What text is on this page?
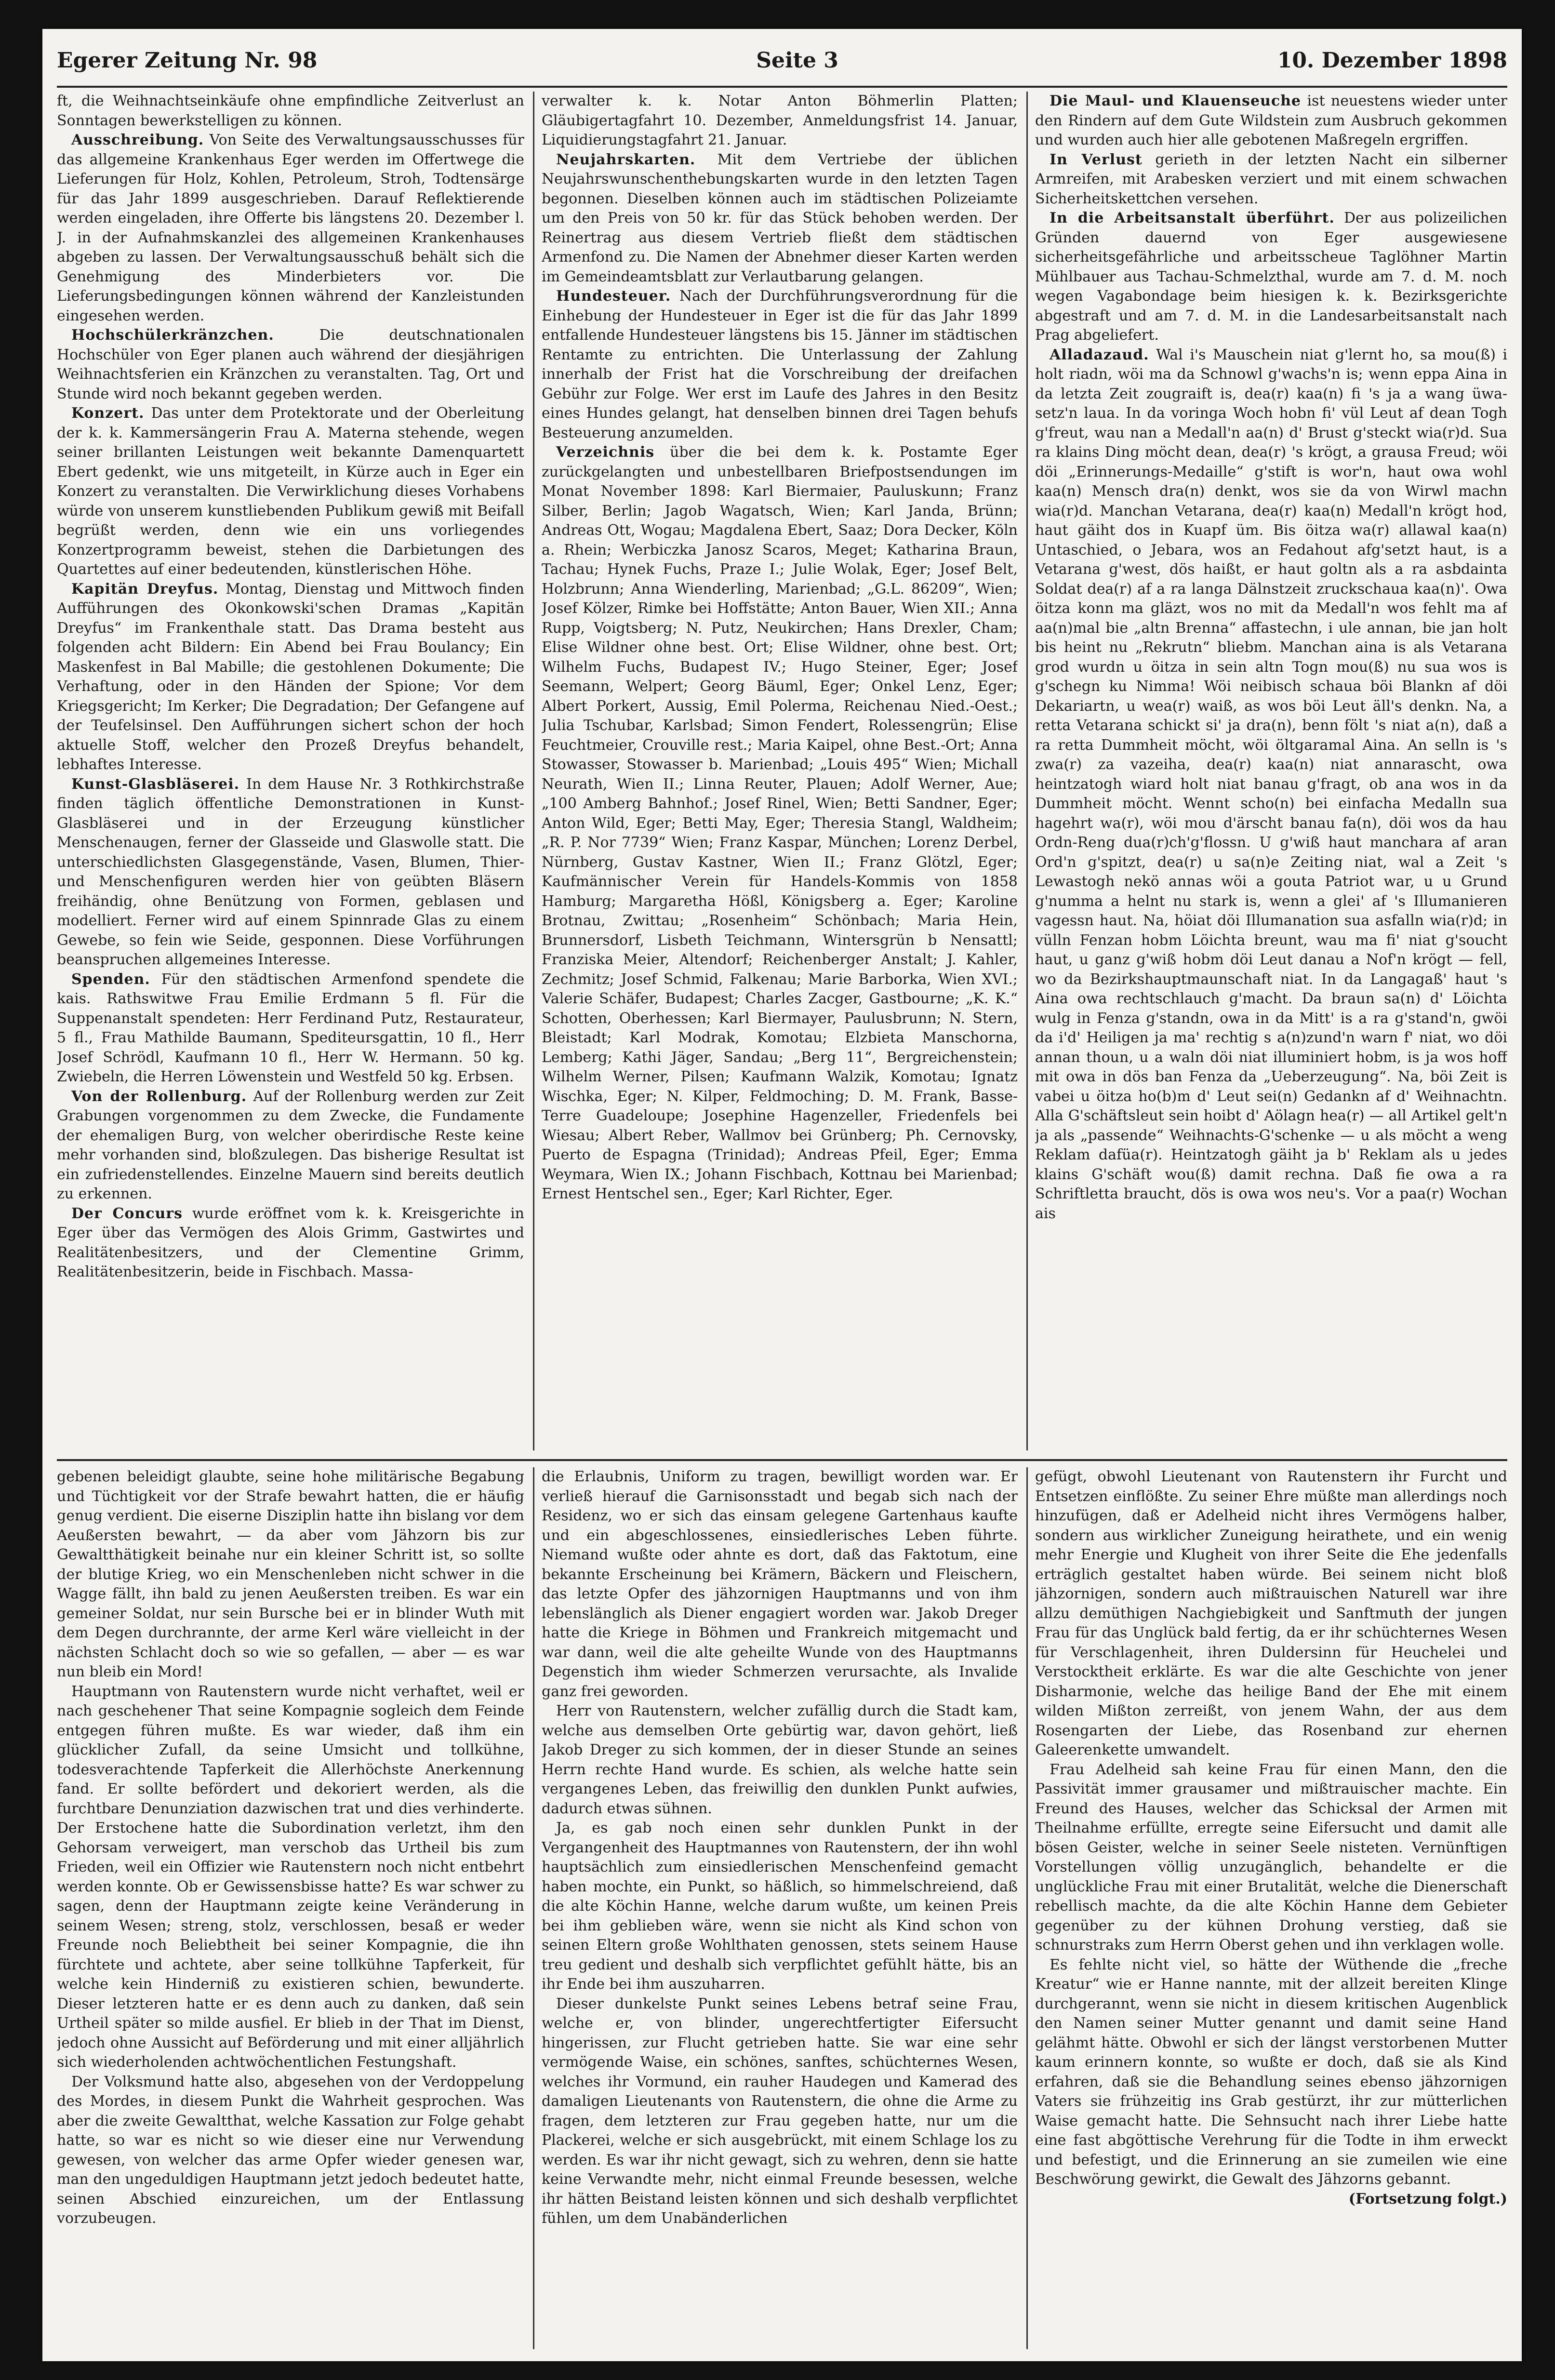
Egerer Zeitung Nr. 98	Seite 3	10. Dezember 1898

ft, die Weihnachtseinkäufe ohne empfindliche Zeitverlust an Sonntagen bewerkstelligen zu können.

Ausschreibung. Von Seite des Verwaltungsausschusses für das allgemeine Krankenhaus Eger werden im Offertwege die Lieferungen für Holz, Kohlen, Petroleum, Stroh, Todtensärge für das Jahr 1899 ausgeschrieben. Darauf Reflektierende werden eingeladen, ihre Offerte bis längstens 20. Dezember l. J. in der Aufnahmskanzlei des allgemeinen Krankenhauses abgeben zu lassen. Der Verwaltungsausschuß behält sich die Genehmigung des Minderbieters vor. Die Lieferungsbedingungen können während der Kanzleistunden eingesehen werden.

Hochschülerkränzchen. Die deutschnationalen Hochschüler von Eger planen auch während der diesjährigen Weihnachtsferien ein Kränzchen zu veranstalten. Tag, Ort und Stunde wird noch bekannt gegeben werden.

Konzert. Das unter dem Protektorate und der Oberleitung der k. k. Kammersängerin Frau A. Materna stehende, wegen seiner brillanten Leistungen weit bekannte Damenquartett Ebert gedenkt, wie uns mitgeteilt, in Kürze auch in Eger ein Konzert zu veranstalten. Die Verwirklichung dieses Vorhabens würde von unserem kunstliebenden Publikum gewiß mit Beifall begrüßt werden, denn wie ein uns vorliegendes Konzertprogramm beweist, stehen die Darbietungen des Quartettes auf einer bedeutenden, künstlerischen Höhe.

Kapitän Dreyfus. Montag, Dienstag und Mittwoch finden Aufführungen des Okonkowski'schen Dramas „Kapitän Dreyfus“ im Frankenthale statt. Das Drama besteht aus folgenden acht Bildern: Ein Abend bei Frau Boulancy; Ein Maskenfest in Bal Mabille; die gestohlenen Dokumente; Die Verhaftung, oder in den Händen der Spione; Vor dem Kriegsgericht; Im Kerker; Die Degradation; Der Gefangene auf der Teufelsinsel. Den Aufführungen sichert schon der hoch aktuelle Stoff, welcher den Prozeß Dreyfus behandelt, lebhaftes Interesse.

Kunst-Glasbläserei. In dem Hause Nr. 3 Rothkirchstraße finden täglich öffentliche Demonstrationen in Kunst-Glasbläserei und in der Erzeugung künstlicher Menschenaugen, ferner der Glasseide und Glaswolle statt. Die unterschiedlichsten Glasgegenstände, Vasen, Blumen, Thier- und Menschenfiguren werden hier von geübten Bläsern freihändig, ohne Benützung von Formen, geblasen und modelliert. Ferner wird auf einem Spinnrade Glas zu einem Gewebe, so fein wie Seide, gesponnen. Diese Vorführungen beanspruchen allgemeines Interesse.

Spenden. Für den städtischen Armenfond spendete die kais. Rathswitwe Frau Emilie Erdmann 5 fl. Für die Suppenanstalt spendeten: Herr Ferdinand Putz, Restaurateur, 5 fl., Frau Mathilde Baumann, Spediteursgattin, 10 fl., Herr Josef Schrödl, Kaufmann 10 fl., Herr W. Hermann. 50 kg. Zwiebeln, die Herren Löwenstein und Westfeld 50 kg. Erbsen.

Von der Rollenburg. Auf der Rollenburg werden zur Zeit Grabungen vorgenommen zu dem Zwecke, die Fundamente der ehemaligen Burg, von welcher oberirdische Reste keine mehr vorhanden sind, bloßzulegen. Das bisherige Resultat ist ein zufriedenstellendes. Einzelne Mauern sind bereits deutlich zu erkennen.

Der Concurs wurde eröffnet vom k. k. Kreisgerichte in Eger über das Vermögen des Alois Grimm, Gastwirtes und Realitätenbesitzers, und der Clementine Grimm, Realitätenbesitzerin, beide in Fischbach. Massa-

verwalter k. k. Notar Anton Böhmerlin Platten; Gläubigertagfahrt 10. Dezember, Anmeldungsfrist 14. Januar, Liquidierungstagfahrt 21. Januar.

Neujahrskarten. Mit dem Vertriebe der üblichen Neujahrswunschenthebungskarten wurde in den letzten Tagen begonnen. Dieselben können auch im städtischen Polizeiamte um den Preis von 50 kr. für das Stück behoben werden. Der Reinertrag aus diesem Vertrieb fließt dem städtischen Armenfond zu. Die Namen der Abnehmer dieser Karten werden im Gemeindeamtsblatt zur Verlautbarung gelangen.

Hundesteuer. Nach der Durchführungsverordnung für die Einhebung der Hundesteuer in Eger ist die für das Jahr 1899 entfallende Hundesteuer längstens bis 15. Jänner im städtischen Rentamte zu entrichten. Die Unterlassung der Zahlung innerhalb der Frist hat die Vorschreibung der dreifachen Gebühr zur Folge. Wer erst im Laufe des Jahres in den Besitz eines Hundes gelangt, hat denselben binnen drei Tagen behufs Besteuerung anzumelden.

Verzeichnis über die bei dem k. k. Postamte Eger zurückgelangten und unbestellbaren Briefpostsendungen im Monat November 1898: Karl Biermaier, Pauluskunn; Franz Silber, Berlin; Jagob Wagatsch, Wien; Karl Janda, Brünn; Andreas Ott, Wogau; Magdalena Ebert, Saaz; Dora Decker, Köln a. Rhein; Werbiczka Janosz Scaros, Meget; Katharina Braun, Tachau; Hynek Fuchs, Praze I.; Julie Wolak, Eger; Josef Belt, Holzbrunn; Anna Wienderling, Marienbad; „G.L. 86209“, Wien; Josef Kölzer, Rimke bei Hoffstätte; Anton Bauer, Wien XII.; Anna Rupp, Voigtsberg; N. Putz, Neukirchen; Hans Drexler, Cham; Elise Wildner ohne best. Ort; Elise Wildner, ohne best. Ort; Wilhelm Fuchs, Budapest IV.; Hugo Steiner, Eger; Josef Seemann, Welpert; Georg Bäuml, Eger; Onkel Lenz, Eger; Albert Porkert, Aussig, Emil Polerma, Reichenau Nied.-Oest.; Julia Tschubar, Karlsbad; Simon Fendert, Rolessengrün; Elise Feuchtmeier, Crouville rest.; Maria Kaipel, ohne Best.-Ort; Anna Stowasser, Stowasser b. Marienbad; „Louis 495“ Wien; Michall Neurath, Wien II.; Linna Reuter, Plauen; Adolf Werner, Aue; „100 Amberg Bahnhof.; Josef Rinel, Wien; Betti Sandner, Eger; Anton Wild, Eger; Betti May, Eger; Theresia Stangl, Waldheim; „R. P. Nor 7739“ Wien; Franz Kaspar, München; Lorenz Derbel, Nürnberg, Gustav Kastner, Wien II.; Franz Glötzl, Eger; Kaufmännischer Verein für Handels-Kommis von 1858 Hamburg; Margaretha Hößl, Königsberg a. Eger; Karoline Brotnau, Zwittau; „Rosenheim“ Schönbach; Maria Hein, Brunnersdorf, Lisbeth Teichmann, Wintersgrün b Nensattl; Franziska Meier, Altendorf; Reichenberger Anstalt; J. Kahler, Zechmitz; Josef Schmid, Falkenau; Marie Barborka, Wien XVI.; Valerie Schäfer, Budapest; Charles Zacger, Gastbourne; „K. K.“ Schotten, Oberhessen; Karl Biermayer, Paulusbrunn; N. Stern, Bleistadt; Karl Modrak, Komotau; Elzbieta Manschorna, Lemberg; Kathi Jäger, Sandau; „Berg 11“, Bergreichenstein; Wilhelm Werner, Pilsen; Kaufmann Walzik, Komotau; Ignatz Wischka, Eger; N. Kilper, Feldmoching; D. M. Frank, Basse-Terre Guadeloupe; Josephine Hagenzeller, Friedenfels bei Wiesau; Albert Reber, Wallmov bei Grünberg; Ph. Cernovsky, Puerto de Espagna (Trinidad); Andreas Pfeil, Eger; Emma Weymara, Wien IX.; Johann Fischbach, Kottnau bei Marienbad; Ernest Hentschel sen., Eger; Karl Richter, Eger.

Die Maul- und Klauenseuche ist neuestens wieder unter den Rindern auf dem Gute Wildstein zum Ausbruch gekommen und wurden auch hier alle gebotenen Maßregeln ergriffen.

In Verlust gerieth in der letzten Nacht ein silberner Armreifen, mit Arabesken verziert und mit einem schwachen Sicherheitskettchen versehen.

In die Arbeitsanstalt überführt. Der aus polizeilichen Gründen dauernd von Eger ausgewiesene sicherheitsgefährliche und arbeitsscheue Taglöhner Martin Mühlbauer aus Tachau-Schmelzthal, wurde am 7. d. M. noch wegen Vagabondage beim hiesigen k. k. Bezirksgerichte abgestraft und am 7. d. M. in die Landesarbeitsanstalt nach Prag abgeliefert.

Alladazaud. Wal i's Mauschein niat g'lernt ho, sa mou(ß) i holt riadn, wöi ma da Schnowl g'wachs'n is; wenn eppa Aina in da letzta Zeit zougraift is, dea(r) kaa(n) fi 's ja a wang üwa-setz'n laua. In da voringa Woch hobn fi' vül Leut af dean Togh g'freut, wau nan a Medall'n aa(n) d' Brust g'steckt wia(r)d. Sua ra klains Ding möcht dean, dea(r) 's krögt, a grausa Freud; wöi döi „Erinnerungs-Medaille“ g'stift is wor'n, haut owa wohl kaa(n) Mensch dra(n) denkt, wos sie da von Wirwl machn wia(r)d. Manchan Vetarana, dea(r) kaa(n) Medall'n krögt hod, haut gäiht dos in Kuapf üm. Bis öitza wa(r) allawal kaa(n) Untaschied, o Jebara, wos an Fedahout afg'setzt haut, is a Vetarana g'west, dös haißt, er haut goltn als a ra asbdainta Soldat dea(r) af a ra langa Dälnstzeit zruckschaua kaa(n)'. Owa öitza konn ma gläzt, wos no mit da Medall'n wos fehlt ma af aa(n)mal bie „altn Brenna“ affastechn, i ule annan, bie jan holt bis heint nu „Rekrutn“ bliebm. Manchan aina is als Vetarana grod wurdn u öitza in sein altn Togn mou(ß) nu sua wos is g'schegn ku Nimma! Wöi neibisch schaua böi Blankn af döi Dekariartn, u wea(r) waiß, as wos böi Leut äll's denkn. Na, a retta Vetarana schickt si' ja dra(n), benn fölt 's niat a(n), daß a ra retta Dummheit möcht, wöi öltgaramal Aina. An selln is 's zwa(r) za vazeiha, dea(r) kaa(n) niat annarascht, owa heintzatogh wiard holt niat banau g'fragt, ob ana wos in da Dummheit möcht. Wennt scho(n) bei einfacha Medalln sua hagehrt wa(r), wöi mou d'ärscht banau fa(n), döi wos da hau Ordn-Reng dua(r)ch'g'flossn. U g'wiß haut manchara af aran Ord'n g'spitzt, dea(r) u sa(n)e Zeiting niat, wal a Zeit 's Lewastogh nekö annas wöi a gouta Patriot war, u u Grund g'numma a helnt nu stark is, wenn a glei' af 's Illumanieren vagessn haut. Na, höiat döi Illumanation sua asfalln wia(r)d; in vülln Fenzan hobm Löichta breunt, wau ma fi' niat g'soucht haut, u ganz g'wiß hobm döi Leut danau a Nof'n krögt — fell, wo da Bezirkshauptmaunschaft niat. In da Langagaß' haut 's Aina owa rechtschlauch g'macht. Da braun sa(n) d' Löichta wulg in Fenza g'standn, owa in da Mitt' is a ra g'stand'n, gwöi da i'd' Heiligen ja ma' rechtig s a(n)zund'n warn f' niat, wo döi annan thoun, u a waln döi niat illuminiert hobm, is ja wos hoff mit owa in dös ban Fenza da „Ueberzeugung“. Na, böi Zeit is vabei u öitza ho(b)m d' Leut sei(n) Gedankn af d' Weihnachtn. Alla G'schäftsleut sein hoibt d' Aölagn hea(r) — all Artikel gelt'n ja als „passende“ Weihnachts-G'schenke — u als möcht a weng Reklam dafüa(r). Heintzatogh gäiht ja b' Reklam als u jedes klains G'schäft wou(ß) damit rechna. Daß fie owa a ra Schriftletta braucht, dös is owa wos neu's. Vor a paa(r) Wochan ais

gebenen beleidigt glaubte, seine hohe militärische Begabung und Tüchtigkeit vor der Strafe bewahrt hatten, die er häufig genug verdient. Die eiserne Disziplin hatte ihn bislang vor dem Aeußersten bewahrt, — da aber vom Jähzorn bis zur Gewaltthätigkeit beinahe nur ein kleiner Schritt ist, so sollte der blutige Krieg, wo ein Menschenleben nicht schwer in die Wagge fällt, ihn bald zu jenen Aeußersten treiben. Es war ein gemeiner Soldat, nur sein Bursche bei er in blinder Wuth mit dem Degen durchrannte, der arme Kerl wäre vielleicht in der nächsten Schlacht doch so wie so gefallen, — aber — es war nun bleib ein Mord!

Hauptmann von Rautenstern wurde nicht verhaftet, weil er nach geschehener That seine Kompagnie sogleich dem Feinde entgegen führen mußte. Es war wieder, daß ihm ein glücklicher Zufall, da seine Umsicht und tollkühne, todesverachtende Tapferkeit die Allerhöchste Anerkennung fand. Er sollte befördert und dekoriert werden, als die furchtbare Denunziation dazwischen trat und dies verhinderte. Der Erstochene hatte die Subordination verletzt, ihm den Gehorsam verweigert, man verschob das Urtheil bis zum Frieden, weil ein Offizier wie Rautenstern noch nicht entbehrt werden konnte. Ob er Gewissensbisse hatte? Es war schwer zu sagen, denn der Hauptmann zeigte keine Veränderung in seinem Wesen; streng, stolz, verschlossen, besaß er weder Freunde noch Beliebtheit bei seiner Kompagnie, die ihn fürchtete und achtete, aber seine tollkühne Tapferkeit, für welche kein Hinderniß zu existieren schien, bewunderte. Dieser letzteren hatte er es denn auch zu danken, daß sein Urtheil später so milde ausfiel. Er blieb in der That im Dienst, jedoch ohne Aussicht auf Beförderung und mit einer alljährlich sich wiederholenden achtwöchentlichen Festungshaft.

Der Volksmund hatte also, abgesehen von der Verdoppelung des Mordes, in diesem Punkt die Wahrheit gesprochen. Was aber die zweite Gewaltthat, welche Kassation zur Folge gehabt hatte, so war es nicht so wie dieser eine nur Verwendung gewesen, von welcher das arme Opfer wieder genesen war, man den ungeduldigen Hauptmann jetzt jedoch bedeutet hatte, seinen Abschied einzureichen, um der Entlassung vorzubeugen.

die Erlaubnis, Uniform zu tragen, bewilligt worden war. Er verließ hierauf die Garnisonsstadt und begab sich nach der Residenz, wo er sich das einsam gelegene Gartenhaus kaufte und ein abgeschlossenes, einsiedlerisches Leben führte. Niemand wußte oder ahnte es dort, daß das Faktotum, eine bekannte Erscheinung bei Krämern, Bäckern und Fleischern, das letzte Opfer des jähzornigen Hauptmanns und von ihm lebenslänglich als Diener engagiert worden war. Jakob Dreger hatte die Kriege in Böhmen und Frankreich mitgemacht und war dann, weil die alte geheilte Wunde von des Hauptmanns Degenstich ihm wieder Schmerzen verursachte, als Invalide ganz frei geworden.

Herr von Rautenstern, welcher zufällig durch die Stadt kam, welche aus demselben Orte gebürtig war, davon gehört, ließ Jakob Dreger zu sich kommen, der in dieser Stunde an seines Herrn rechte Hand wurde. Es schien, als welche hatte sein vergangenes Leben, das freiwillig den dunklen Punkt aufwies, dadurch etwas sühnen.

Ja, es gab noch einen sehr dunklen Punkt in der Vergangenheit des Hauptmannes von Rautenstern, der ihn wohl hauptsächlich zum einsiedlerischen Menschenfeind gemacht haben mochte, ein Punkt, so häßlich, so himmelschreiend, daß die alte Köchin Hanne, welche darum wußte, um keinen Preis bei ihm geblieben wäre, wenn sie nicht als Kind schon von seinen Eltern große Wohlthaten genossen, stets seinem Hause treu gedient und deshalb sich verpflichtet gefühlt hätte, bis an ihr Ende bei ihm auszuharren.

Dieser dunkelste Punkt seines Lebens betraf seine Frau, welche er, von blinder, ungerechtfertigter Eifersucht hingerissen, zur Flucht getrieben hatte. Sie war eine sehr vermögende Waise, ein schönes, sanftes, schüchternes Wesen, welches ihr Vormund, ein rauher Haudegen und Kamerad des damaligen Lieutenants von Rautenstern, die ohne die Arme zu fragen, dem letzteren zur Frau gegeben hatte, nur um die Plackerei, welche er sich ausgebrückt, mit einem Schlage los zu werden. Es war ihr nicht gewagt, sich zu wehren, denn sie hatte keine Verwandte mehr, nicht einmal Freunde besessen, welche ihr hätten Beistand leisten können und sich deshalb verpflichtet fühlen, um dem Unabänderlichen

gefügt, obwohl Lieutenant von Rautenstern ihr Furcht und Entsetzen einflößte. Zu seiner Ehre müßte man allerdings noch hinzufügen, daß er Adelheid nicht ihres Vermögens halber, sondern aus wirklicher Zuneigung heirathete, und ein wenig mehr Energie und Klugheit von ihrer Seite die Ehe jedenfalls erträglich gestaltet haben würde. Bei seinem nicht bloß jähzornigen, sondern auch mißtrauischen Naturell war ihre allzu demüthigen Nachgiebigkeit und Sanftmuth der jungen Frau für das Unglück bald fertig, da er ihr schüchternes Wesen für Verschlagenheit, ihren Duldersinn für Heuchelei und Verstocktheit erklärte. Es war die alte Geschichte von jener Disharmonie, welche das heilige Band der Ehe mit einem wilden Mißton zerreißt, von jenem Wahn, der aus dem Rosengarten der Liebe, das Rosenband zur ehernen Galeerenkette umwandelt.

Frau Adelheid sah keine Frau für einen Mann, den die Passivität immer grausamer und mißtrauischer machte. Ein Freund des Hauses, welcher das Schicksal der Armen mit Theilnahme erfüllte, erregte seine Eifersucht und damit alle bösen Geister, welche in seiner Seele nisteten. Vernünftigen Vorstellungen völlig unzugänglich, behandelte er die unglückliche Frau mit einer Brutalität, welche die Dienerschaft rebellisch machte, da die alte Köchin Hanne dem Gebieter gegenüber zu der kühnen Drohung verstieg, daß sie schnurstraks zum Herrn Oberst gehen und ihn verklagen wolle.

Es fehlte nicht viel, so hätte der Wüthende die „freche Kreatur“ wie er Hanne nannte, mit der allzeit bereiten Klinge durchgerannt, wenn sie nicht in diesem kritischen Augenblick den Namen seiner Mutter genannt und damit seine Hand gelähmt hätte. Obwohl er sich der längst verstorbenen Mutter kaum erinnern konnte, so wußte er doch, daß sie als Kind erfahren, daß sie die Behandlung seines ebenso jähzornigen Vaters sie frühzeitig ins Grab gestürzt, ihr zur mütterlichen Waise gemacht hatte. Die Sehnsucht nach ihrer Liebe hatte eine fast abgöttische Verehrung für die Todte in ihm erweckt und befestigt, und die Erinnerung an sie zumeilen wie eine Beschwörung gewirkt, die Gewalt des Jähzorns gebannt.

(Fortsetzung folgt.)
